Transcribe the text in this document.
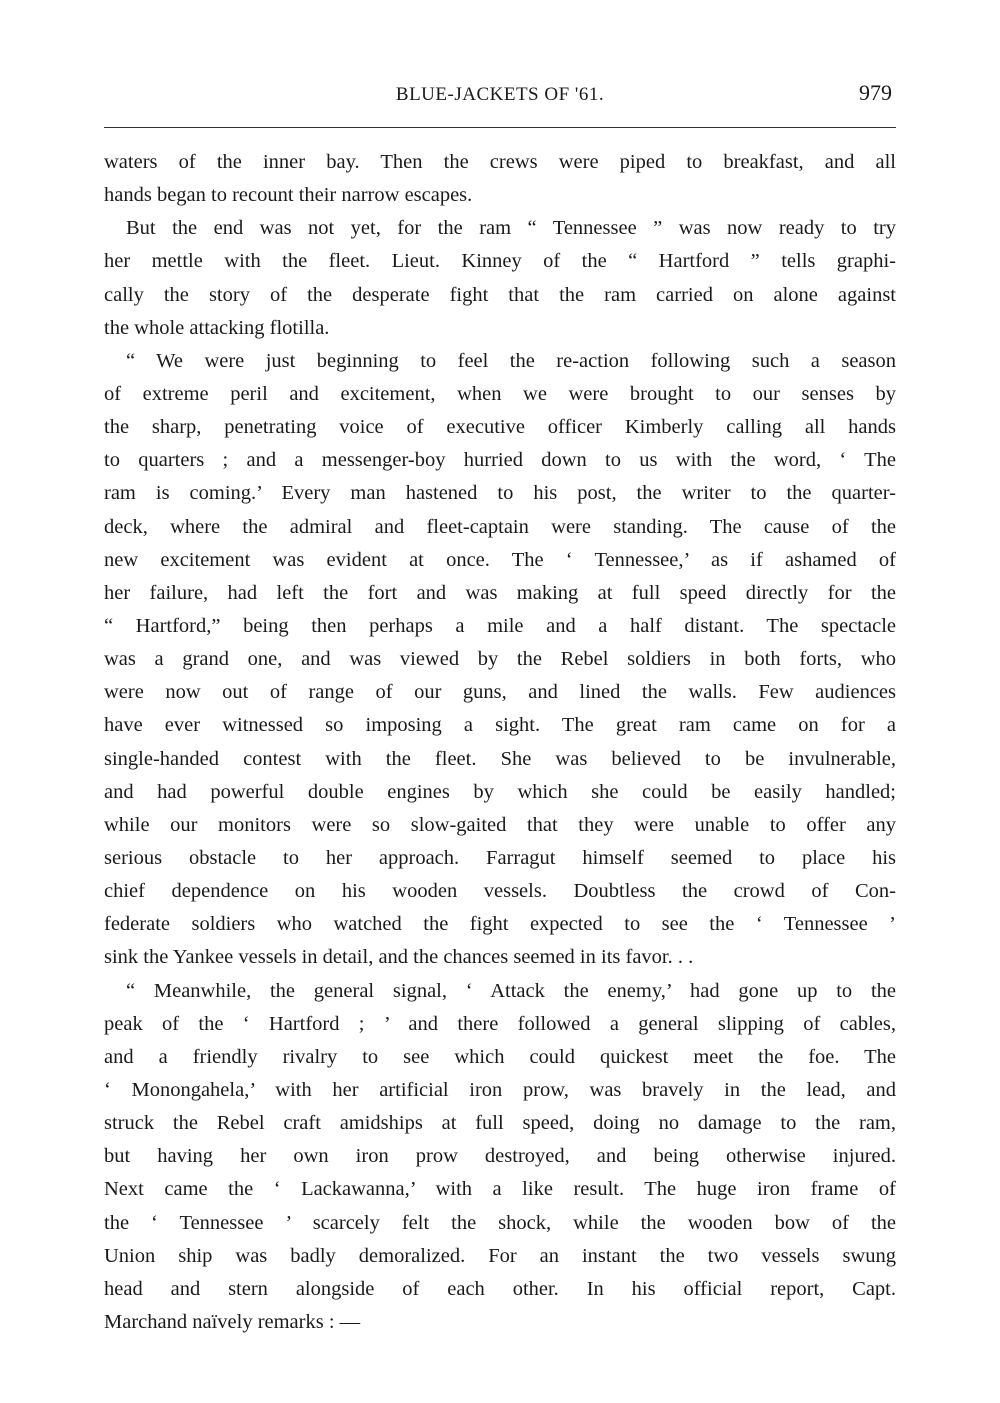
BLUE-JACKETS OF '61.	979
waters of the inner bay. Then the crews were piped to breakfast, and all
hands began to recount their narrow escapes.
But the end was not yet, for the ram “ Tennessee ” was now ready to try
her mettle with the fleet. Lieut. Kinney of the “ Hartford ” tells graphi-
cally the story of the desperate fight that the ram carried on alone against
the whole attacking flotilla.
“ We were just beginning to feel the re-action following such a season
of extreme peril and excitement, when we were brought to our senses by
the sharp, penetrating voice of executive officer Kimberly calling all hands
to quarters ; and a messenger-boy hurried down to us with the word, ‘ The
ram is coming.’ Every man hastened to his post, the writer to the quarter-
deck, where the admiral and fleet-captain were standing. The cause of the
new excitement was evident at once. The ‘ Tennessee,’ as if ashamed of
her failure, had left the fort and was making at full speed directly for the
“ Hartford,” being then perhaps a mile and a half distant. The spectacle
was a grand one, and was viewed by the Rebel soldiers in both forts, who
were now out of range of our guns, and lined the walls. Few audiences
have ever witnessed so imposing a sight. The great ram came on for a
single-handed contest with the fleet. She was believed to be invulnerable,
and had powerful double engines by which she could be easily handled;
while our monitors were so slow-gaited that they were unable to offer any
serious obstacle to her approach. Farragut himself seemed to place his
chief dependence on his wooden vessels. Doubtless the crowd of Con-
federate soldiers who watched the fight expected to see the ‘ Tennessee ’
sink the Yankee vessels in detail, and the chances seemed in its favor. . .
“ Meanwhile, the general signal, ‘ Attack the enemy,’ had gone up to the
peak of the ‘ Hartford ; ’ and there followed a general slipping of cables,
and a friendly rivalry to see which could quickest meet the foe. The
‘ Monongahela,’ with her artificial iron prow, was bravely in the lead, and
struck the Rebel craft amidships at full speed, doing no damage to the ram,
but having her own iron prow destroyed, and being otherwise injured.
Next came the ‘ Lackawanna,’ with a like result. The huge iron frame of
the ‘ Tennessee ’ scarcely felt the shock, while the wooden bow of the
Union ship was badly demoralized. For an instant the two vessels swung
head and stern alongside of each other. In his official report, Capt.
Marchand naïvely remarks : —
